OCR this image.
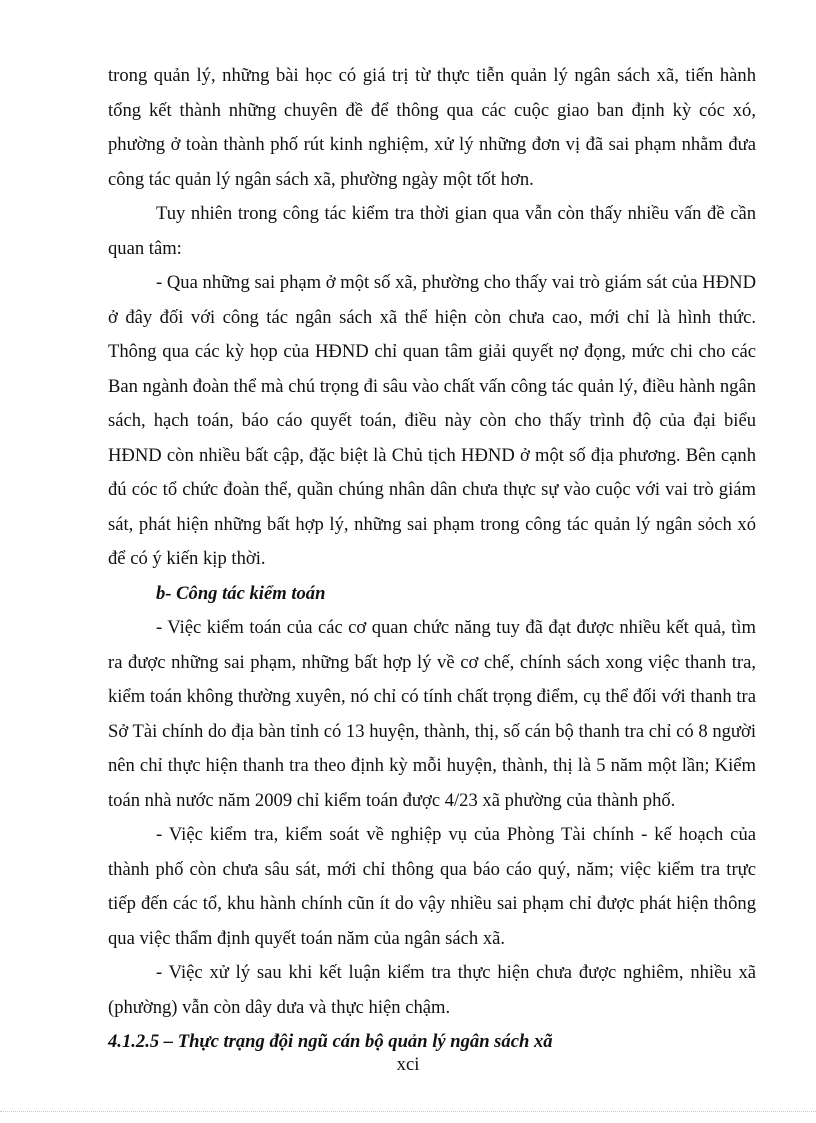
trong quản lý, những bài học có giá trị từ thực tiễn quản lý ngân sách xã, tiến hành tổng kết thành những chuyên đề để thông qua các cuộc giao ban định kỳ cóc xó, phường ở toàn thành phố rút kinh nghiệm, xử lý những đơn vị đã sai phạm nhằm đưa công tác quản lý ngân sách xã, phường ngày một tốt hơn.

Tuy nhiên trong công tác kiểm tra thời gian qua vẫn còn thấy nhiều vấn đề cần quan tâm:

- Qua những sai phạm ở một số xã, phường cho thấy vai trò giám sát của HĐND ở đây đối với công tác ngân sách xã thể hiện còn chưa cao, mới chỉ là hình thức. Thông qua các kỳ họp của HĐND chỉ quan tâm giải quyết nợ đọng, mức chi cho các Ban ngành đoàn thể mà chú trọng đi sâu vào chất vấn công tác quản lý, điều hành ngân sách, hạch toán, báo cáo quyết toán, điều này còn cho thấy trình độ của đại biểu HĐND còn nhiều bất cập, đặc biệt là Chủ tịch HĐND ở một số địa phương. Bên cạnh đú cóc tổ chức đoàn thể, quần chúng nhân dân chưa thực sự vào cuộc với vai trò giám sát, phát hiện những bất hợp lý, những sai phạm trong công tác quản lý ngân sỏch xó để có ý kiến kịp thời.

b- Công tác kiểm toán

- Việc kiểm toán của các cơ quan chức năng tuy đã đạt được nhiều kết quả, tìm ra được những sai phạm, những bất hợp lý về cơ chế, chính sách xong việc thanh tra, kiểm toán không thường xuyên, nó chỉ có tính chất trọng điểm, cụ thể đối với thanh tra Sở Tài chính do địa bàn tỉnh có 13 huyện, thành, thị, số cán bộ thanh tra chỉ có 8 người nên chỉ thực hiện thanh tra theo định kỳ mỗi huyện, thành, thị là 5 năm một lần; Kiểm toán nhà nước năm 2009 chỉ kiểm toán được 4/23 xã phường của thành phố.

- Việc kiểm tra, kiểm soát về nghiệp vụ của Phòng Tài chính - kế hoạch của thành phố còn chưa sâu sát, mới chỉ thông qua báo cáo quý, năm; việc kiểm tra trực tiếp đến các tổ, khu hành chính cũn ít do vậy nhiều sai phạm chỉ được phát hiện thông qua việc thẩm định quyết toán năm của ngân sách xã.

- Việc xử lý sau khi kết luận kiểm tra thực hiện chưa được nghiêm, nhiều xã (phường) vẫn còn dây dưa và thực hiện chậm.

4.1.2.5 – Thực trạng đội ngũ cán bộ quản lý ngân sách xã

xci
